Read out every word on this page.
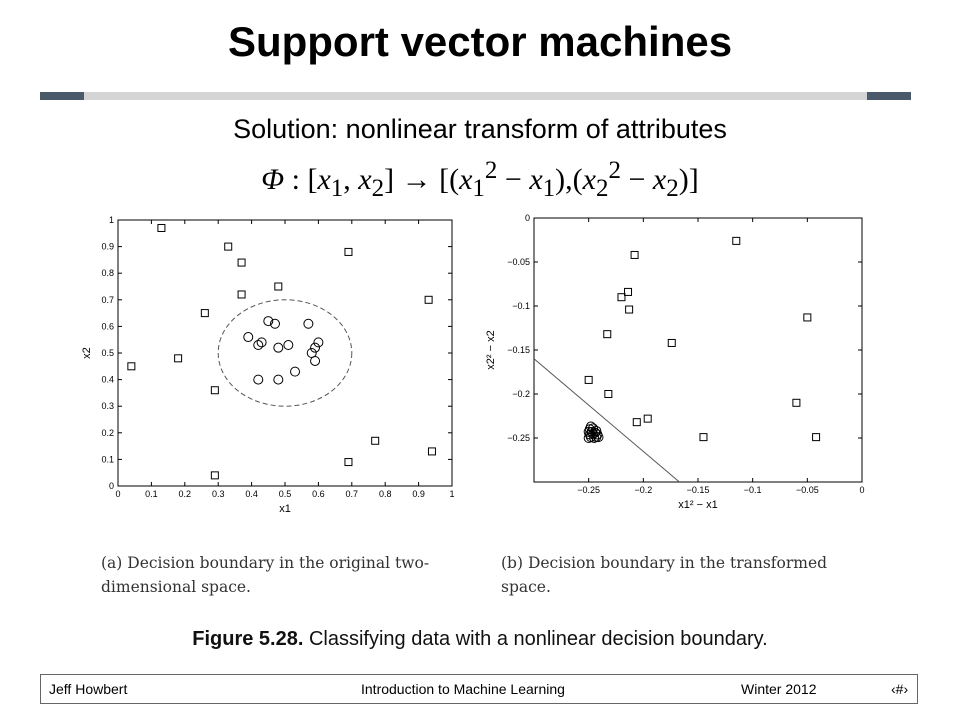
Support vector machines
Solution: nonlinear transform of attributes
Φ : [$x_1$, $x_2] \to [(x_1^2 - x_1),(x_2^2 - x_2)]$
0	0.1 0.2 0.3 0.4 0.5 0.6 0.7 0.8 0.9	1
0
0.1
0.2
0.3
0.4
0.5
0.6
0.7
0.8
0.9
1
x1
x2
−0.25	−0.2	−0.15	−0.1	−0.05	0
0
−0.05
−0.1
−0.15
−0.2
−0.25
x1² − x1
x2² − x2
(a) Decision boundary in the original two-dimensional space.
(b) Decision boundary in the transformed space.
Figure 5.28. Classifying data with a nonlinear decision boundary.
Jeff Howbert	Introduction to Machine Learning	Winter 2012	‹#›
